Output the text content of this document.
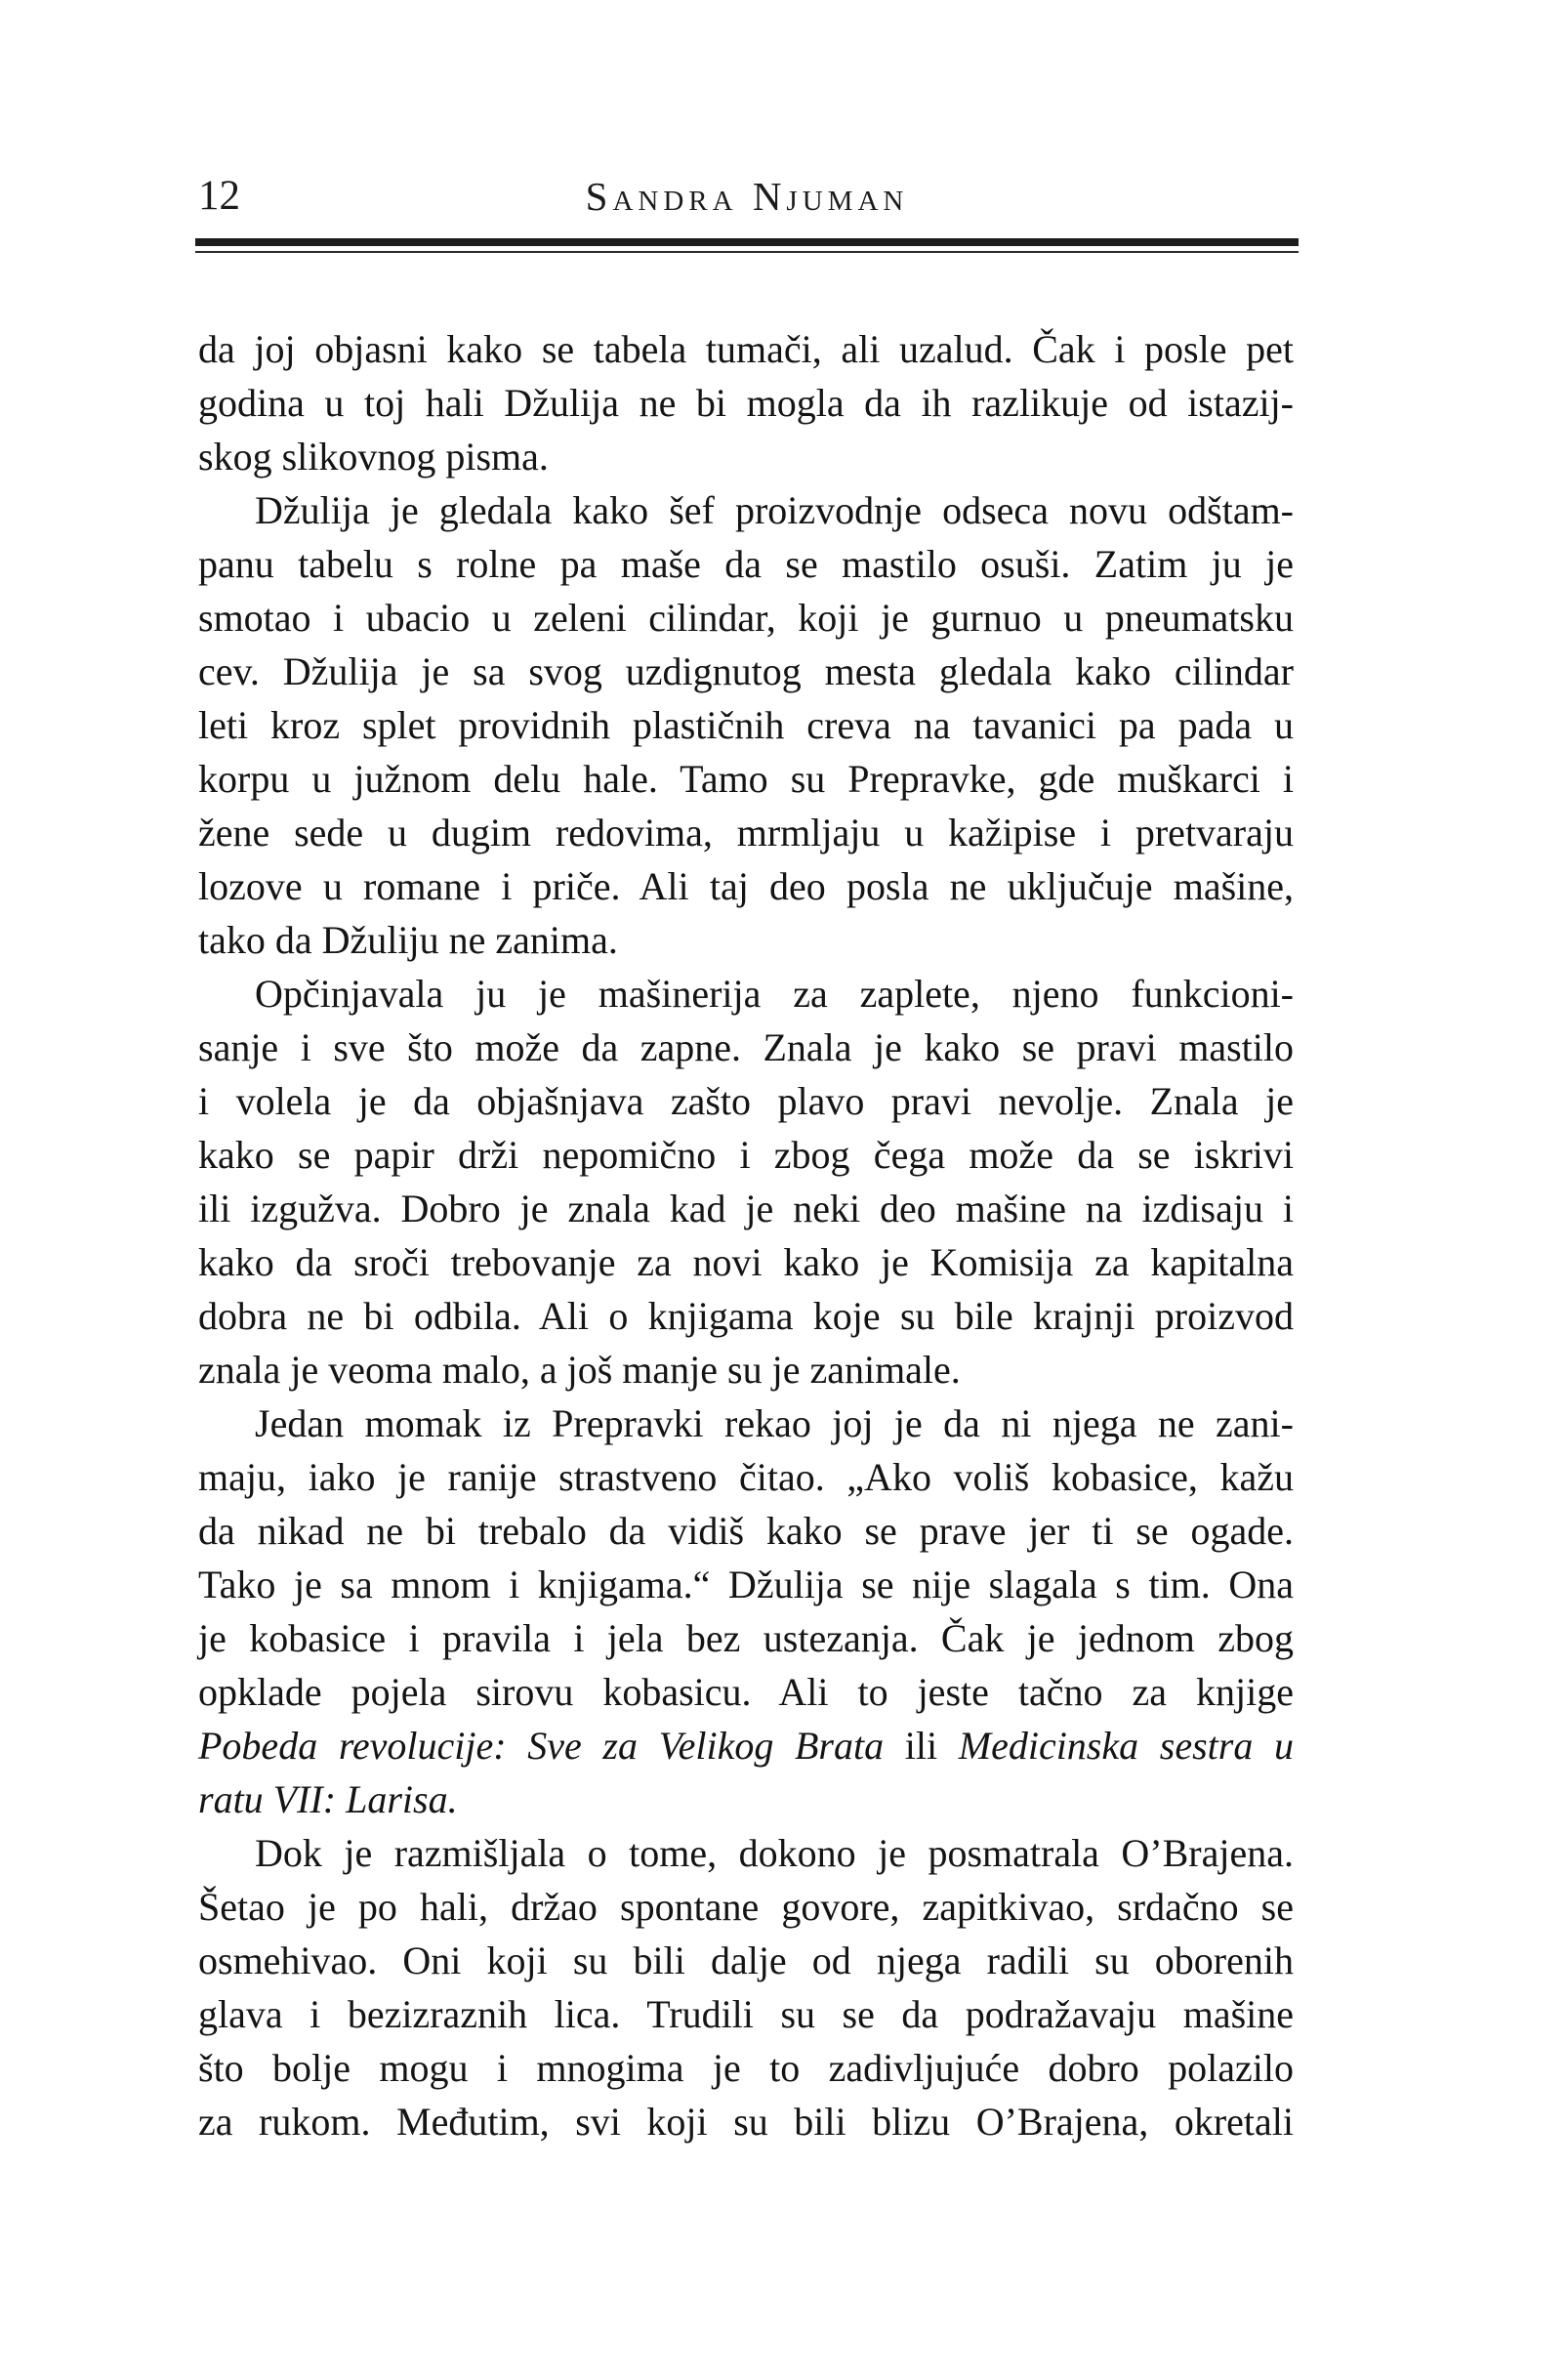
12	Sandra Njuman
da joj objasni kako se tabela tumači, ali uzalud. Čak i posle pet
godina u toj hali Džulija ne bi mogla da ih razlikuje od istazij-
skog slikovnog pisma.
Džulija je gledala kako šef proizvodnje odseca novu odštam-
panu tabelu s rolne pa maše da se mastilo osuši. Zatim ju je
smotao i ubacio u zeleni cilindar, koji je gurnuo u pneumatsku
cev. Džulija je sa svog uzdignutog mesta gledala kako cilindar
leti kroz splet providnih plastičnih creva na tavanici pa pada u
korpu u južnom delu hale. Tamo su Prepravke, gde muškarci i
žene sede u dugim redovima, mrmljaju u kažipise i pretvaraju
lozove u romane i priče. Ali taj deo posla ne uključuje mašine,
tako da Džuliju ne zanima.
Opčinjavala ju je mašinerija za zaplete, njeno funkcioni-
sanje i sve što može da zapne. Znala je kako se pravi mastilo
i volela je da objašnjava zašto plavo pravi nevolje. Znala je
kako se papir drži nepomično i zbog čega može da se iskrivi
ili izgužva. Dobro je znala kad je neki deo mašine na izdisaju i
kako da sroči trebovanje za novi kako je Komisija za kapitalna
dobra ne bi odbila. Ali o knjigama koje su bile krajnji proizvod
znala je veoma malo, a još manje su je zanimale.
Jedan momak iz Prepravki rekao joj je da ni njega ne zani-
maju, iako je ranije strastveno čitao. „Ako voliš kobasice, kažu
da nikad ne bi trebalo da vidiš kako se prave jer ti se ogade.
Tako je sa mnom i knjigama.“ Džulija se nije slagala s tim. Ona
je kobasice i pravila i jela bez ustezanja. Čak je jednom zbog
opklade pojela sirovu kobasicu. Ali to jeste tačno za knjige
Pobeda revolucije: Sve za Velikog Brata ili Medicinska sestra u
ratu VII: Larisa.
Dok je razmišljala o tome, dokono je posmatrala O’Brajena.
Šetao je po hali, držao spontane govore, zapitkivao, srdačno se
osmehivao. Oni koji su bili dalje od njega radili su oborenih
glava i bezizraznih lica. Trudili su se da podražavaju mašine
što bolje mogu i mnogima je to zadivljujuće dobro polazilo
za rukom. Međutim, svi koji su bili blizu O’Brajena, okretali
